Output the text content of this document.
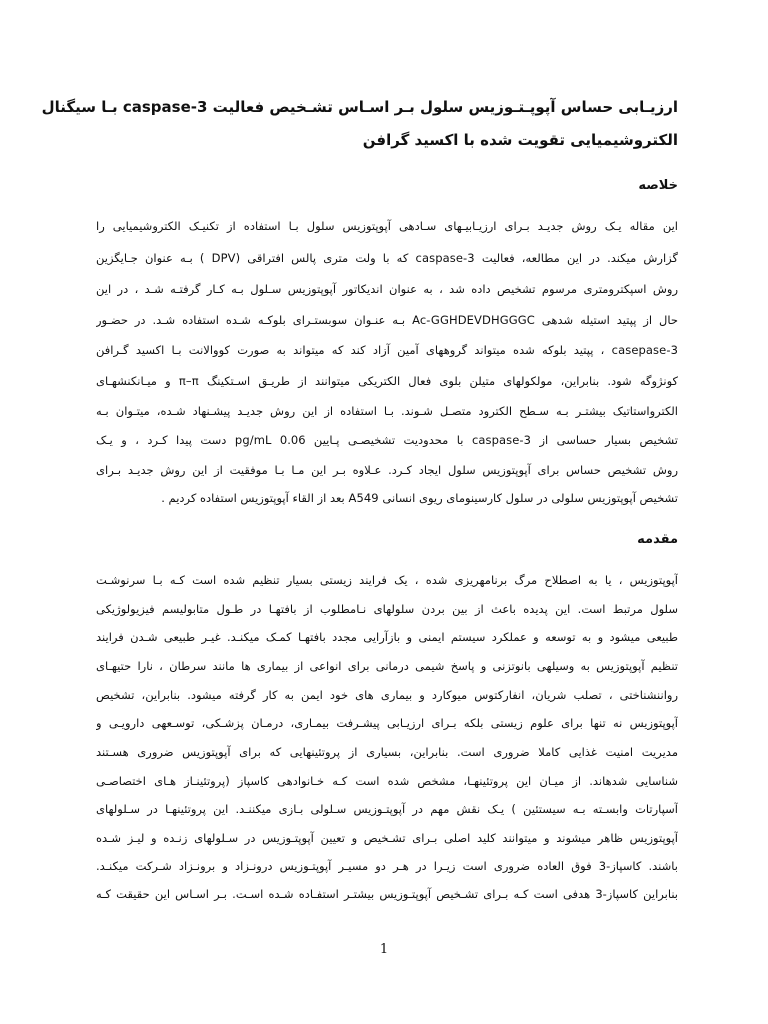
ارزیـابی حساس آپوپـتـوزیس سلول بـر اسـاس تشـخیص فعالیت caspase-3 بـا سیگنال
الکتروشیمیایی تقویت شده با اکسید گرافن
خلاصه
این مقاله یـک روش جدیـد بـرای ارزیـابیـهای سـادهی آپوپتوزیس سلول بـا استفاده از تکنیـک الکتروشیمیایی را
گزارش میکند. در این مطالعه، فعالیت caspase-3 که با ولت متری پالس افتراقی (DPV ) بـه عنوان جـایگزین
روش اسپکترومتری مرسوم تشخیص داده شد ، به عنوان اندیکاتور آپوپتوزیس سـلول بـه کـار گرفتـه شـد ، در این
حال از پپتید استیله شدهی Ac-GGHDEVDHGGGC بـه عنـوان سوبستـرای بلوکـه شـده استفاده شـد. در حضـور
casepase-3 ، پپتید بلوکه شده میتواند گروههای آمین آزاد کند که میتواند به صورت کووالانت بـا اکسید گـرافن
کونژوگه شود. بنابراین، مولکولهای متیلن بلوی فعال الکتریکی میتوانند از طریـق اسـتکینگ π–π و میـانکنشهـای
الکترواستاتیک بیشتـر بـه سـطح الکترود متصـل شـوند. بـا استفاده از این روش جدیـد پیشـنهاد شـده، میتـوان بـه
تشخیص بسیار حساسی از caspase-3 با محدودیت تشخیصـی پـایین 0.06 pg/mL دست پیدا کـرد ، و یـک
روش تشخیص حساس برای آپوپتوزیس سلول ایجاد کـرد. عـلاوه بـر این مـا بـا موفقیت از این روش جدیـد بـرای
تشخیص آپوپتوزیس سلولی در سلول کارسینومای ریوی انسانی A549 بعد از القاء آپوپتوزیس استفاده کردیم .
مقدمه
آپوپتوزیس ، یا به اصطلاح مرگ برنامهریزی شده ، یک فرایند زیستی بسیار تنظیم شده است کـه بـا سرنوشـت
سلول مرتبط است. این پدیده باعث از بین بردن سلولهای نـامطلوب از بافتهـا در طـول متابولیسم فیزیولوژیکی
طبیعی میشود و به توسعه و عملکرد سیستم ایمنی و بازآرایی مجدد بافتهـا کمـک میکنـد. غیـر طبیعی شـدن فرایند
تنظیم آپوپتوزیس به وسیلهی بانوتزنی و پاسخ شیمی درمانی برای انواعی از بیماری ها مانند سرطان ، نارا حتیهـای
رواننشناختی ، تصلب شریان، انفارکتوس میوکارد و بیماری های خود ایمن به کار گرفته میشود. بنابراین، تشخیص
آپوپتوزیس نه تنها برای علوم زیستی بلکه بـرای ارزیـابی پیشـرفت بیمـاری، درمـان پزشـکی، توسـعهی دارویـی و
مدیریت امنیت غذایی کاملا ضروری است. بنابراین، بسیاری از پروتئینهایی که برای آپوپتوزیس ضروری هسـتند
شناسایی شدهاند. از میـان این پروتئینهـا، مشخص شده است کـه خـانوادهی کاسپاز (پروتئینـاز هـای اختصاصـی
آسپارتات وابسـته بـه سیستئین ) یـک نقش مهم در آپوپتـوزیس سـلولی بـازی میکننـد. این پروتئینهـا در سـلولهای
آپوپتوزیس ظاهر میشوند و میتوانند کلید اصلی بـرای تشـخیص و تعیین آپوپتـوزیس در سـلولهای زنـده و لیـز شـده
باشند. کاسپاز-3 فوق العاده ضروری است زیـرا در هـر دو مسیـر آپوپتـوزیس درونـزاد و برونـزاد شـرکت میکنـد.
بنابراین کاسپاز-3 هدفی است کـه بـرای تشـخیص آپوپتـوزیس بیشتـر استفـاده شـده اسـت. بـر اسـاس این حقیقت کـه
1
